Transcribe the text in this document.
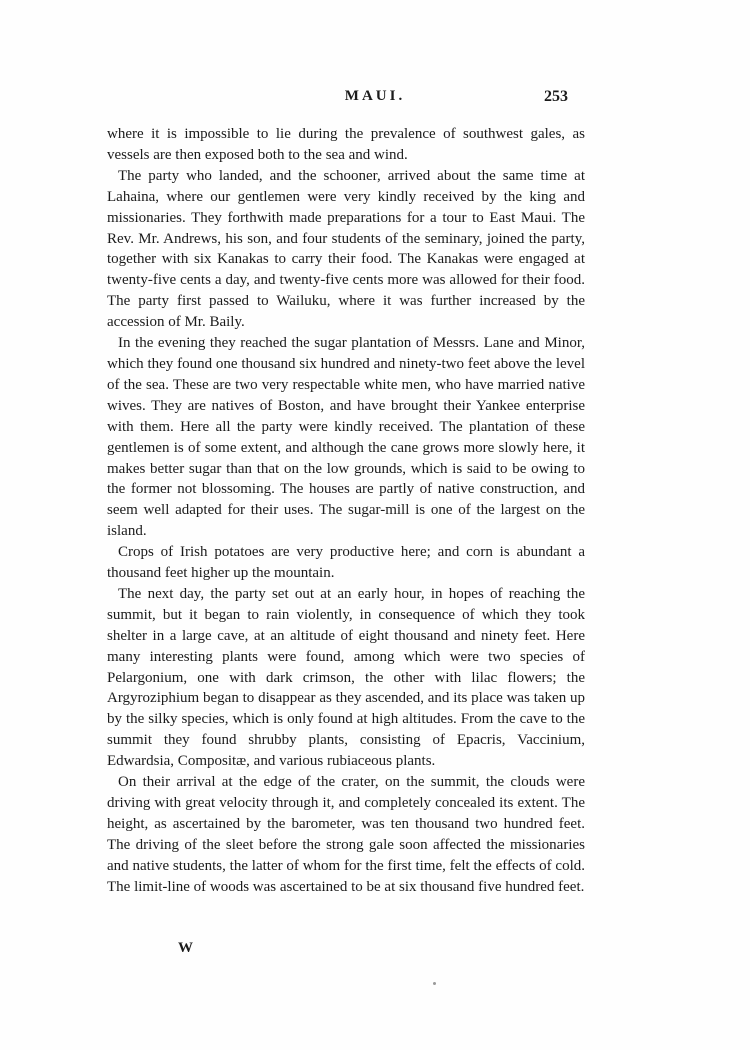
MAUI.	253

where it is impossible to lie during the prevalence of southwest gales, as vessels are then exposed both to the sea and wind.

The party who landed, and the schooner, arrived about the same time at Lahaina, where our gentlemen were very kindly received by the king and missionaries. They forthwith made preparations for a tour to East Maui. The Rev. Mr. Andrews, his son, and four students of the seminary, joined the party, together with six Kanakas to carry their food. The Kanakas were engaged at twenty-five cents a day, and twenty-five cents more was allowed for their food. The party first passed to Wailuku, where it was further increased by the accession of Mr. Baily.

In the evening they reached the sugar plantation of Messrs. Lane and Minor, which they found one thousand six hundred and ninety-two feet above the level of the sea. These are two very respectable white men, who have married native wives. They are natives of Boston, and have brought their Yankee enterprise with them. Here all the party were kindly received. The plantation of these gentlemen is of some extent, and although the cane grows more slowly here, it makes better sugar than that on the low grounds, which is said to be owing to the former not blossoming. The houses are partly of native construction, and seem well adapted for their uses. The sugar-mill is one of the largest on the island.

Crops of Irish potatoes are very productive here; and corn is abundant a thousand feet higher up the mountain.

The next day, the party set out at an early hour, in hopes of reaching the summit, but it began to rain violently, in consequence of which they took shelter in a large cave, at an altitude of eight thousand and ninety feet. Here many interesting plants were found, among which were two species of Pelargonium, one with dark crimson, the other with lilac flowers; the Argyroziphium began to disappear as they ascended, and its place was taken up by the silky species, which is only found at high altitudes. From the cave to the summit they found shrubby plants, consisting of Epacris, Vaccinium, Edwardsia, Compositæ, and various rubiaceous plants.

On their arrival at the edge of the crater, on the summit, the clouds were driving with great velocity through it, and completely concealed its extent. The height, as ascertained by the barometer, was ten thousand two hundred feet. The driving of the sleet before the strong gale soon affected the missionaries and native students, the latter of whom for the first time, felt the effects of cold. The limit-line of woods was ascertained to be at six thousand five hundred feet.

W
